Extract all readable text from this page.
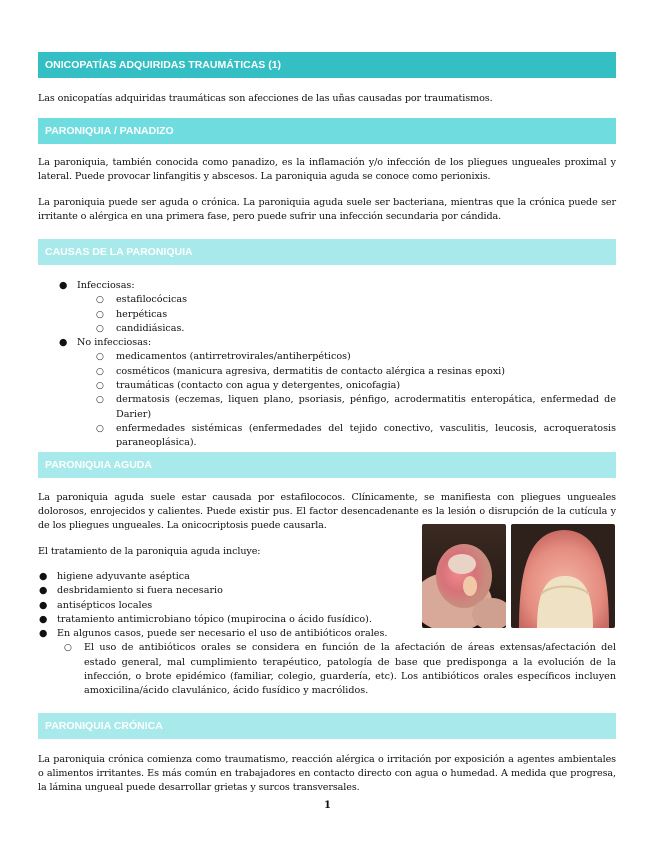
ONICOPATÍAS ADQUIRIDAS TRAUMÁTICAS (1)

Las onicopatías adquiridas traumáticas son afecciones de las uñas causadas por traumatismos.

PARONIQUIA / PANADIZO

La paroniquia, también conocida como panadizo, es la inflamación y/o infección de los pliegues ungueales proximal y lateral. Puede provocar linfangitis y abscesos. La paroniquia aguda se conoce como perionixis.

La paroniquia puede ser aguda o crónica. La paroniquia aguda suele ser bacteriana, mientras que la crónica puede ser irritante o alérgica en una primera fase, pero puede sufrir una infección secundaria por cándida.

CAUSAS DE LA PARONIQUIA
● Infecciosas:
○ estafilocócicas
○ herpéticas
○ candidiásicas.
● No infecciosas:
○ medicamentos (antirretrovirales/antiherpéticos)
○ cosméticos (manicura agresiva, dermatitis de contacto alérgica a resinas epoxi)
○ traumáticas (contacto con agua y detergentes, onicofagia)
○ dermatosis (eczemas, liquen plano, psoriasis, pénfigo, acrodermatitis enteropática, enfermedad de Darier)
○ enfermedades sistémicas (enfermedades del tejido conectivo, vasculitis, leucosis, acroqueratosis paraneoplásica).
PARONIQUIA AGUDA

La paroniquia aguda suele estar causada por estafilococos. Clínicamente, se manifiesta con pliegues ungueales dolorosos, enrojecidos y calientes. Puede existir pus. El factor desencadenante es la lesión o disrupción de la cutícula y de los pliegues ungueales. La onicocriptosis puede causarla.

El tratamiento de la paroniquia aguda incluye:

● higiene adyuvante aséptica
● desbridamiento si fuera necesario
● antisépticos locales
● tratamiento antimicrobiano tópico (mupirocina o ácido fusídico).
● En algunos casos, puede ser necesario el uso de antibióticos orales.
○ El uso de antibióticos orales se considera en función de la afectación de áreas extensas/afectación del estado general, mal cumplimiento terapéutico, patología de base que predisponga a la evolución de la infección, o brote epidémico (familiar, colegio, guardería, etc). Los antibióticos orales específicos incluyen amoxicilina/ácido clavulánico, ácido fusídico y macrólidos.
PARONIQUIA CRÓNICA

La paroniquia crónica comienza como traumatismo, reacción alérgica o irritación por exposición a agentes ambientales o alimentos irritantes. Es más común en trabajadores en contacto directo con agua o humedad. A medida que progresa, la lámina ungueal puede desarrollar grietas y surcos transversales.

1
